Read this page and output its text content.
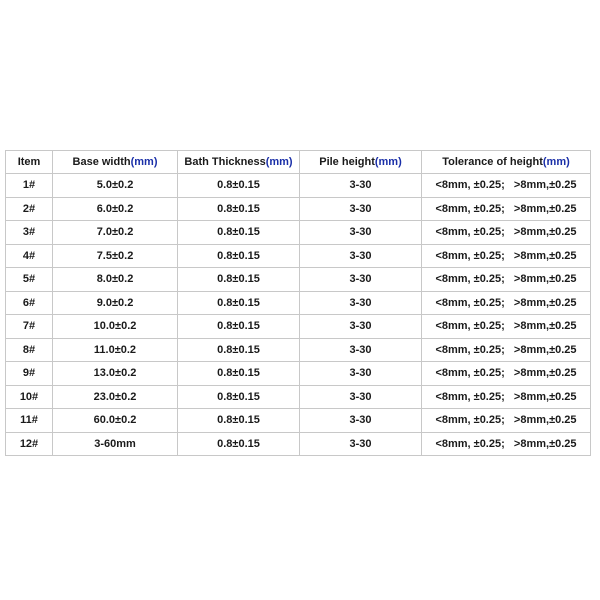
Item	Base width(mm)	Bath Thickness(mm)	Pile height(mm)	Tolerance of height(mm)
1#	5.0±0.2	0.8±0.15	3-30	<8mm, ±0.25;   >8mm,±0.25
2#	6.0±0.2	0.8±0.15	3-30	<8mm, ±0.25;   >8mm,±0.25
3#	7.0±0.2	0.8±0.15	3-30	<8mm, ±0.25;   >8mm,±0.25
4#	7.5±0.2	0.8±0.15	3-30	<8mm, ±0.25;   >8mm,±0.25
5#	8.0±0.2	0.8±0.15	3-30	<8mm, ±0.25;   >8mm,±0.25
6#	9.0±0.2	0.8±0.15	3-30	<8mm, ±0.25;   >8mm,±0.25
7#	10.0±0.2	0.8±0.15	3-30	<8mm, ±0.25;   >8mm,±0.25
8#	11.0±0.2	0.8±0.15	3-30	<8mm, ±0.25;   >8mm,±0.25
9#	13.0±0.2	0.8±0.15	3-30	<8mm, ±0.25;   >8mm,±0.25
10#	23.0±0.2	0.8±0.15	3-30	<8mm, ±0.25;   >8mm,±0.25
11#	60.0±0.2	0.8±0.15	3-30	<8mm, ±0.25;   >8mm,±0.25
12#	3-60mm	0.8±0.15	3-30	<8mm, ±0.25;   >8mm,±0.25
